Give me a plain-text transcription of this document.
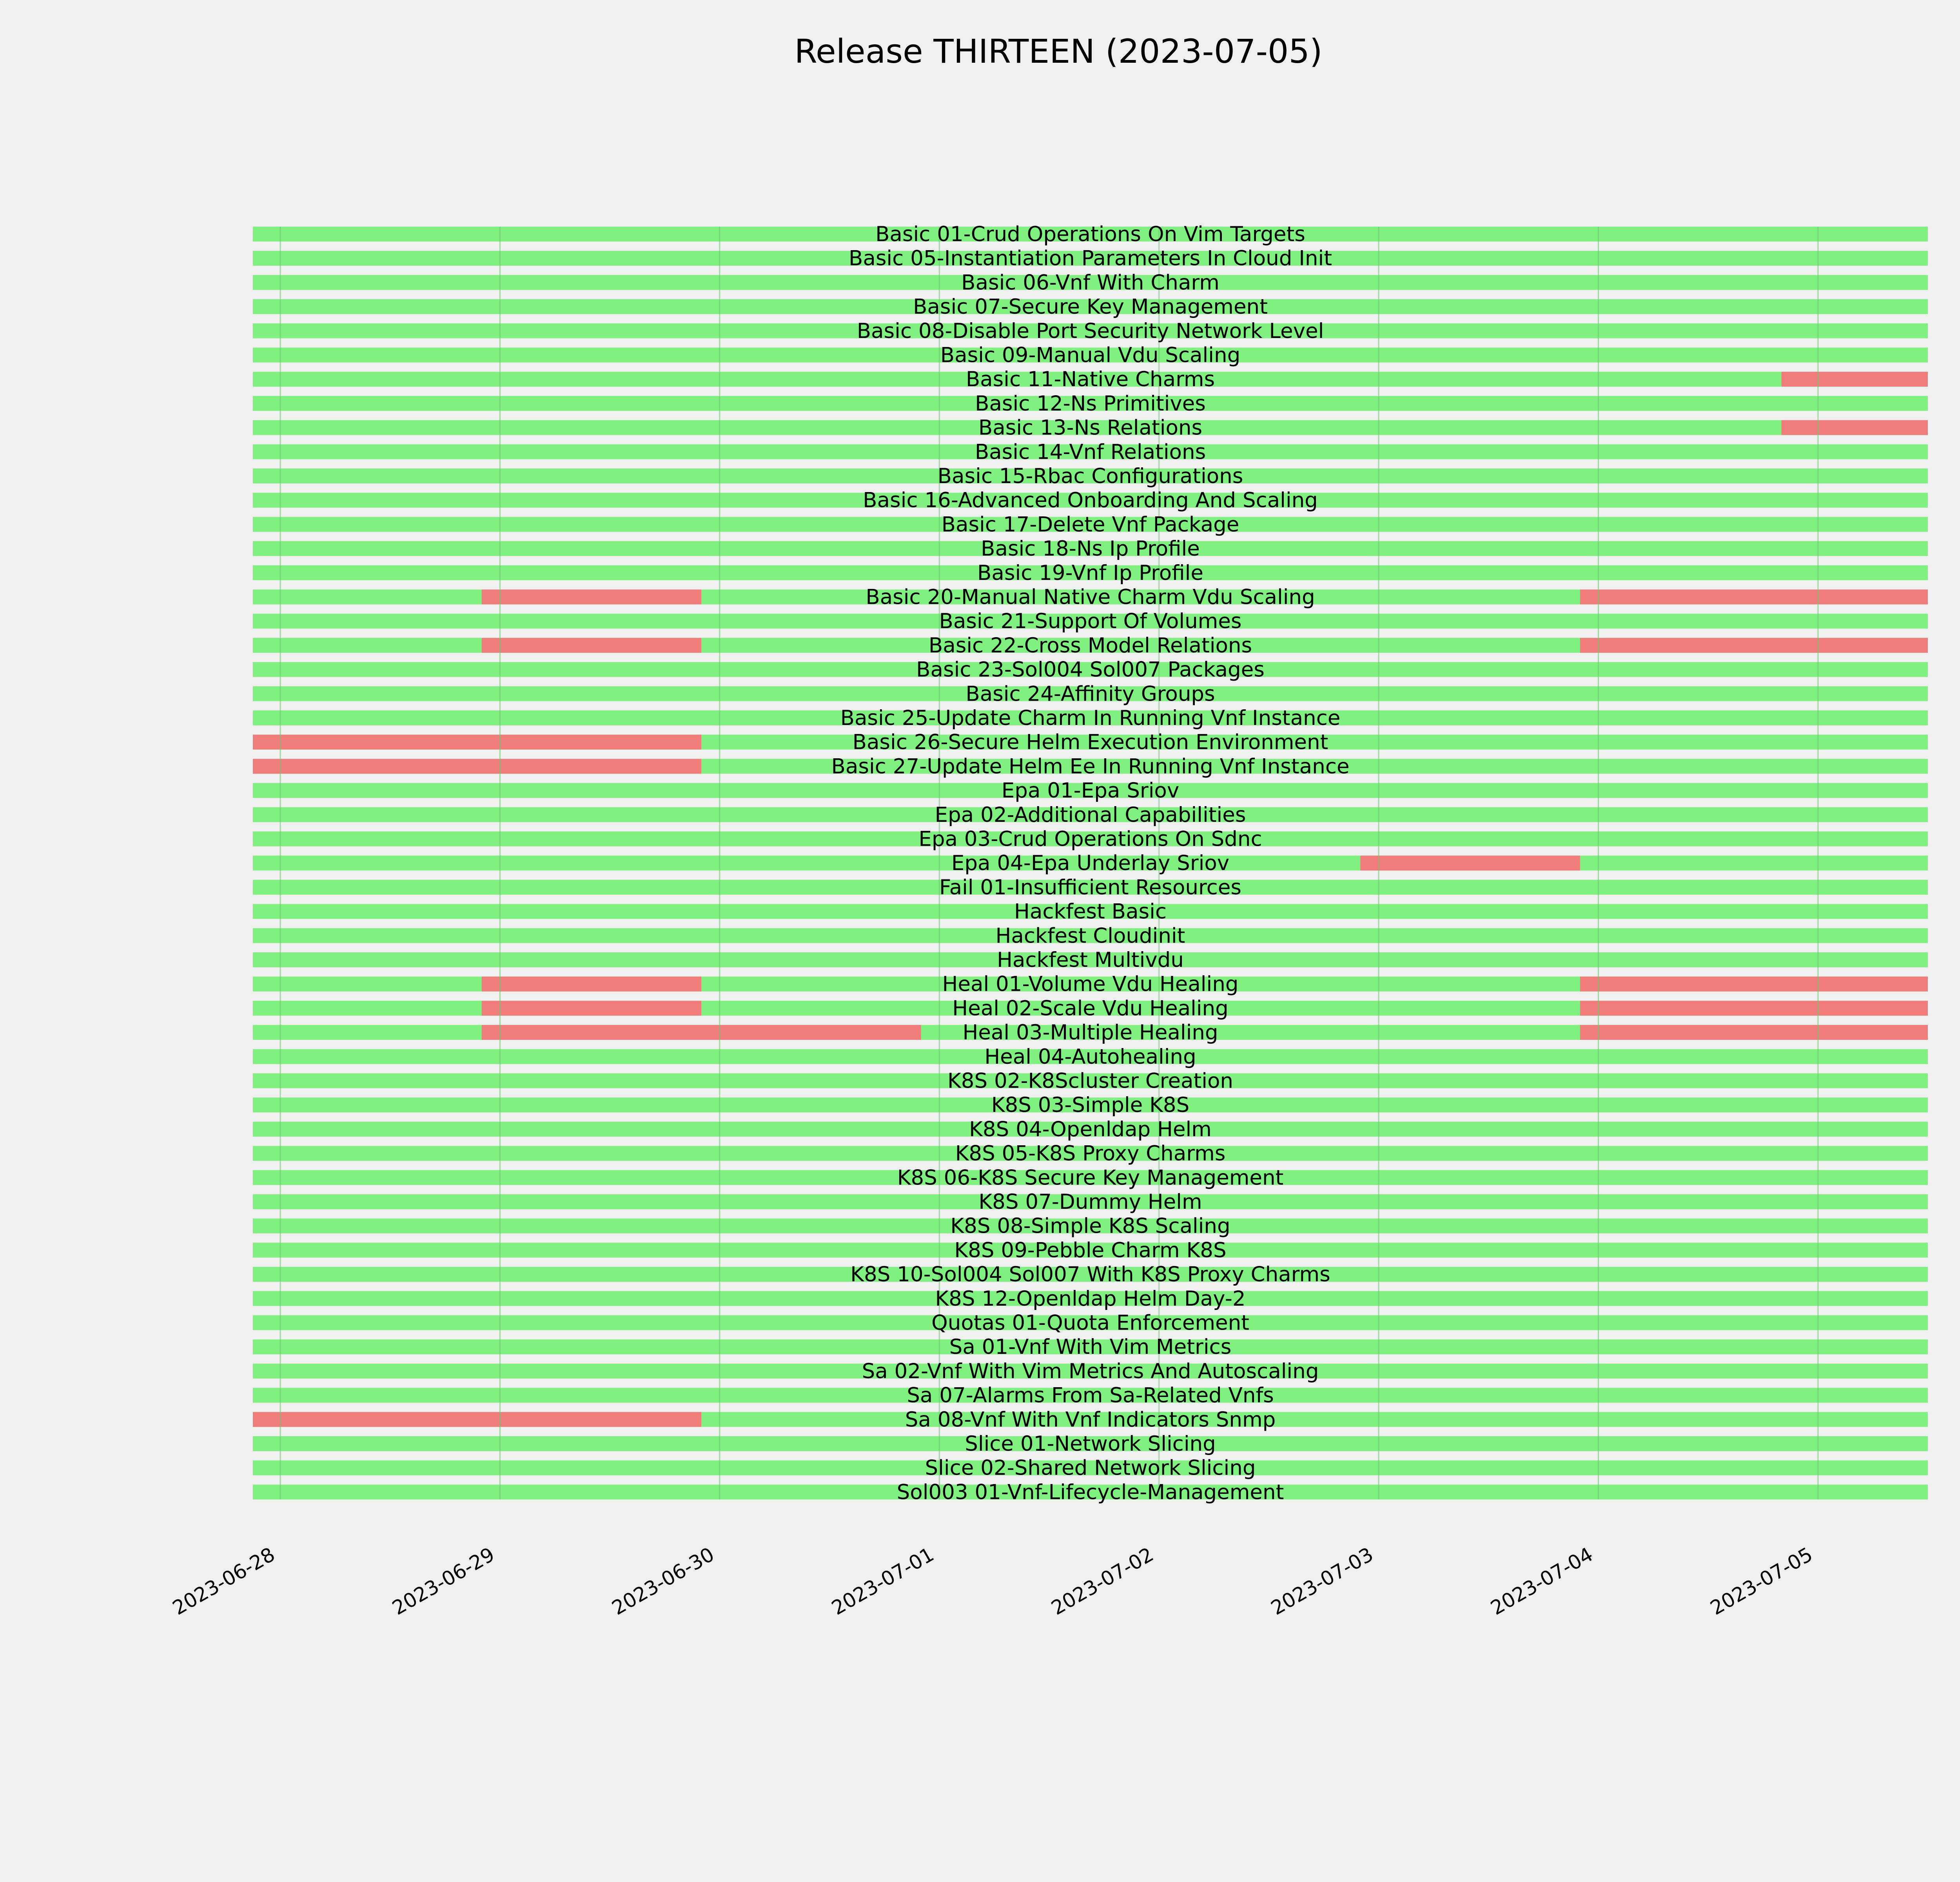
Release THIRTEEN (2023-07-05)
Basic 01-Crud Operations On Vim Targets
Basic 05-Instantiation Parameters In Cloud Init
Basic 06-Vnf With Charm
Basic 07-Secure Key Management
Basic 08-Disable Port Security Network Level
Basic 09-Manual Vdu Scaling
Basic 11-Native Charms
Basic 12-Ns Primitives
Basic 13-Ns Relations
Basic 14-Vnf Relations
Basic 15-Rbac Configurations
Basic 16-Advanced Onboarding And Scaling
Basic 17-Delete Vnf Package
Basic 18-Ns Ip Profile
Basic 19-Vnf Ip Profile
Basic 20-Manual Native Charm Vdu Scaling
Basic 21-Support Of Volumes
Basic 22-Cross Model Relations
Basic 23-Sol004 Sol007 Packages
Basic 24-Affinity Groups
Basic 25-Update Charm In Running Vnf Instance
Basic 26-Secure Helm Execution Environment
Basic 27-Update Helm Ee In Running Vnf Instance
Epa 01-Epa Sriov
Epa 02-Additional Capabilities
Epa 03-Crud Operations On Sdnc
Epa 04-Epa Underlay Sriov
Fail 01-Insufficient Resources
Hackfest Basic
Hackfest Cloudinit
Hackfest Multivdu
Heal 01-Volume Vdu Healing
Heal 02-Scale Vdu Healing
Heal 03-Multiple Healing
Heal 04-Autohealing
K8S 02-K8Scluster Creation
K8S 03-Simple K8S
K8S 04-Openldap Helm
K8S 05-K8S Proxy Charms
K8S 06-K8S Secure Key Management
K8S 07-Dummy Helm
K8S 08-Simple K8S Scaling
K8S 09-Pebble Charm K8S
K8S 10-Sol004 Sol007 With K8S Proxy Charms
K8S 12-Openldap Helm Day-2
Quotas 01-Quota Enforcement
Sa 01-Vnf With Vim Metrics
Sa 02-Vnf With Vim Metrics And Autoscaling
Sa 07-Alarms From Sa-Related Vnfs
Sa 08-Vnf With Vnf Indicators Snmp
Slice 01-Network Slicing
Slice 02-Shared Network Slicing
Sol003 01-Vnf-Lifecycle-Management
2023-06-28	2023-06-29	2023-06-30	2023-07-01	2023-07-02	2023-07-03	2023-07-04	2023-07-05
